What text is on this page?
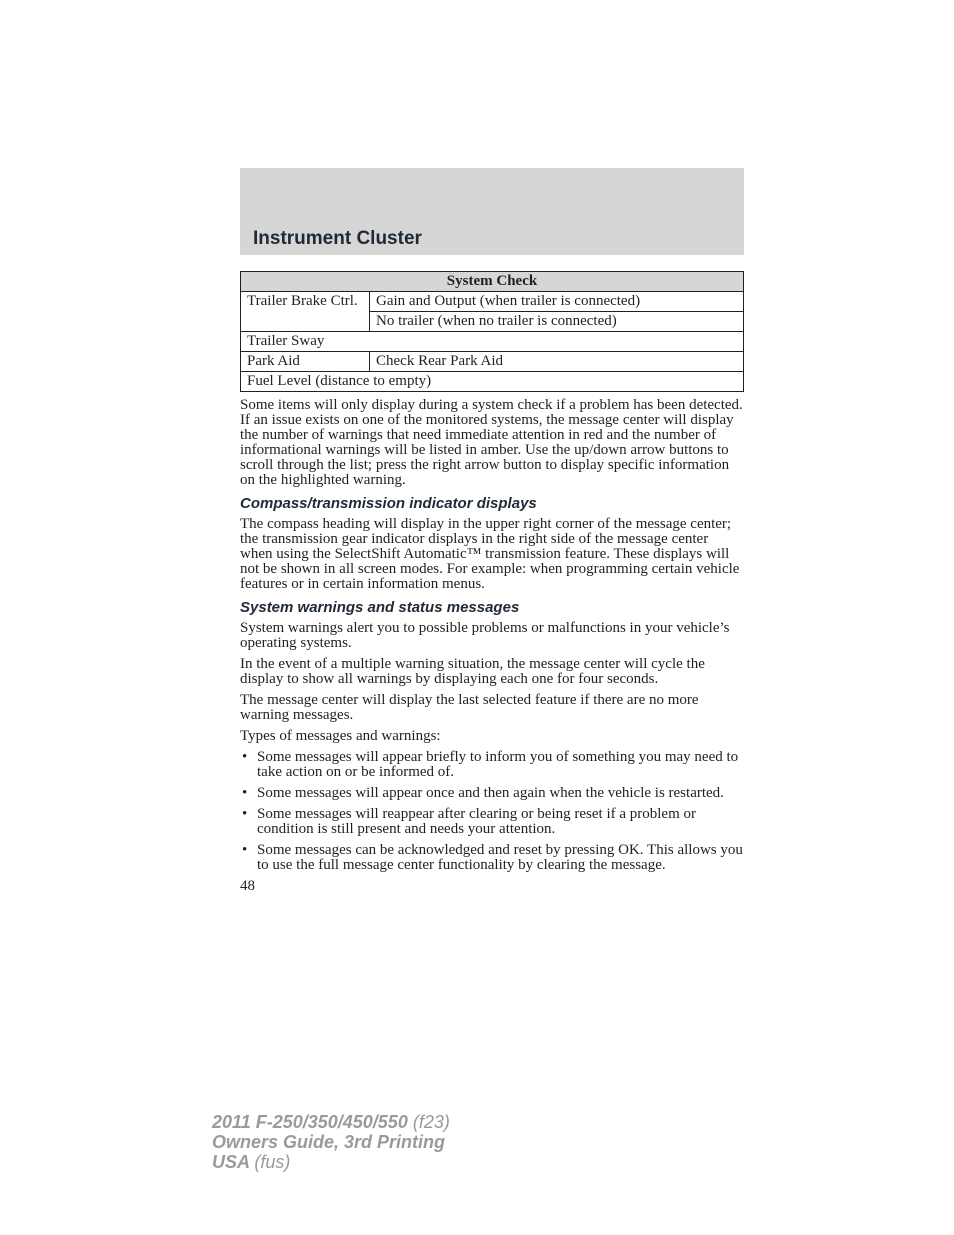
Instrument Cluster
System Check	
Trailer Brake Ctrl.	Gain and Output (when trailer is connected)
	No trailer (when no trailer is connected)
Trailer Sway	
Park Aid	Check Rear Park Aid
Fuel Level (distance to empty)	

Some items will only display during a system check if a problem has been detected. If an issue exists on one of the monitored systems, the message center will display the number of warnings that need immediate attention in red and the number of informational warnings will be listed in amber. Use the up/down arrow buttons to scroll through the list; press the right arrow button to display specific information on the highlighted warning.

Compass/transmission indicator displays

The compass heading will display in the upper right corner of the message center; the transmission gear indicator displays in the right side of the message center when using the SelectShift Automatic™ transmission feature. These displays will not be shown in all screen modes. For example: when programming certain vehicle features or in certain information menus.

System warnings and status messages

System warnings alert you to possible problems or malfunctions in your vehicle’s operating systems.

In the event of a multiple warning situation, the message center will cycle the display to show all warnings by displaying each one for four seconds.

The message center will display the last selected feature if there are no more warning messages.

Types of messages and warnings:

• Some messages will appear briefly to inform you of something you may need to take action on or be informed of.
• Some messages will appear once and then again when the vehicle is restarted.
• Some messages will reappear after clearing or being reset if a problem or condition is still present and needs your attention.
• Some messages can be acknowledged and reset by pressing OK. This allows you to use the full message center functionality by clearing the message.
48
2011 F-250/350/450/550 (f23)
Owners Guide, 3rd Printing
USA (fus)
